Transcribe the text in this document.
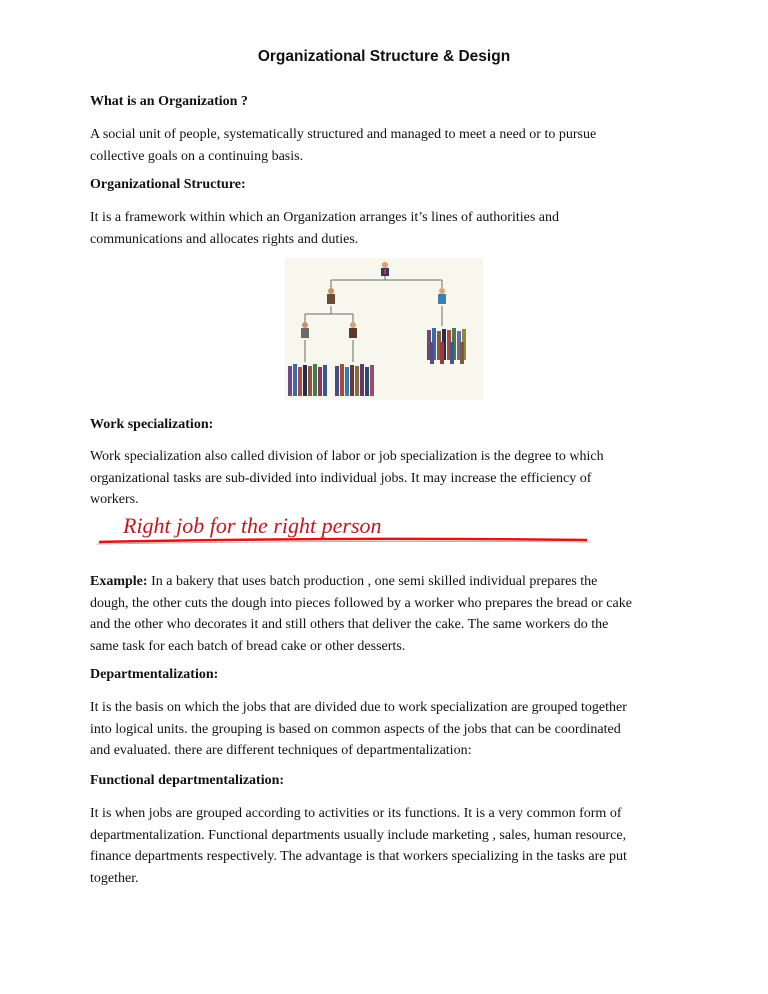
Organizational Structure & Design
What is an Organization ?
A social unit of people, systematically structured and managed to meet a need or to pursue
collective goals on a continuing basis.
Organizational Structure:
It is a framework within which an Organization arranges it’s lines of authorities and
communications and allocates rights and duties.
Work specialization:
Work specialization also called division of labor or job specialization is the degree to which
organizational tasks are sub-divided into individual jobs. It may increase the efficiency of
workers.
Right job for the right person
Example: In a bakery that uses batch production , one semi skilled individual prepares the
dough, the other cuts the dough into pieces followed by a worker who prepares the bread or cake
and the other who decorates it and still others that deliver the cake. The same workers do the
same task for each batch of bread cake or other desserts.
Departmentalization:
It is the basis on which the jobs that are divided due to work specialization are grouped together
into logical units. the grouping is based on common aspects of the jobs that can be coordinated
and evaluated. there are different techniques of departmentalization:
Functional departmentalization:
It is when jobs are grouped according to activities or its functions. It is a very common form of
departmentalization. Functional departments usually include marketing , sales, human resource,
finance departments respectively. The advantage is that workers specializing in the tasks are put
together.
